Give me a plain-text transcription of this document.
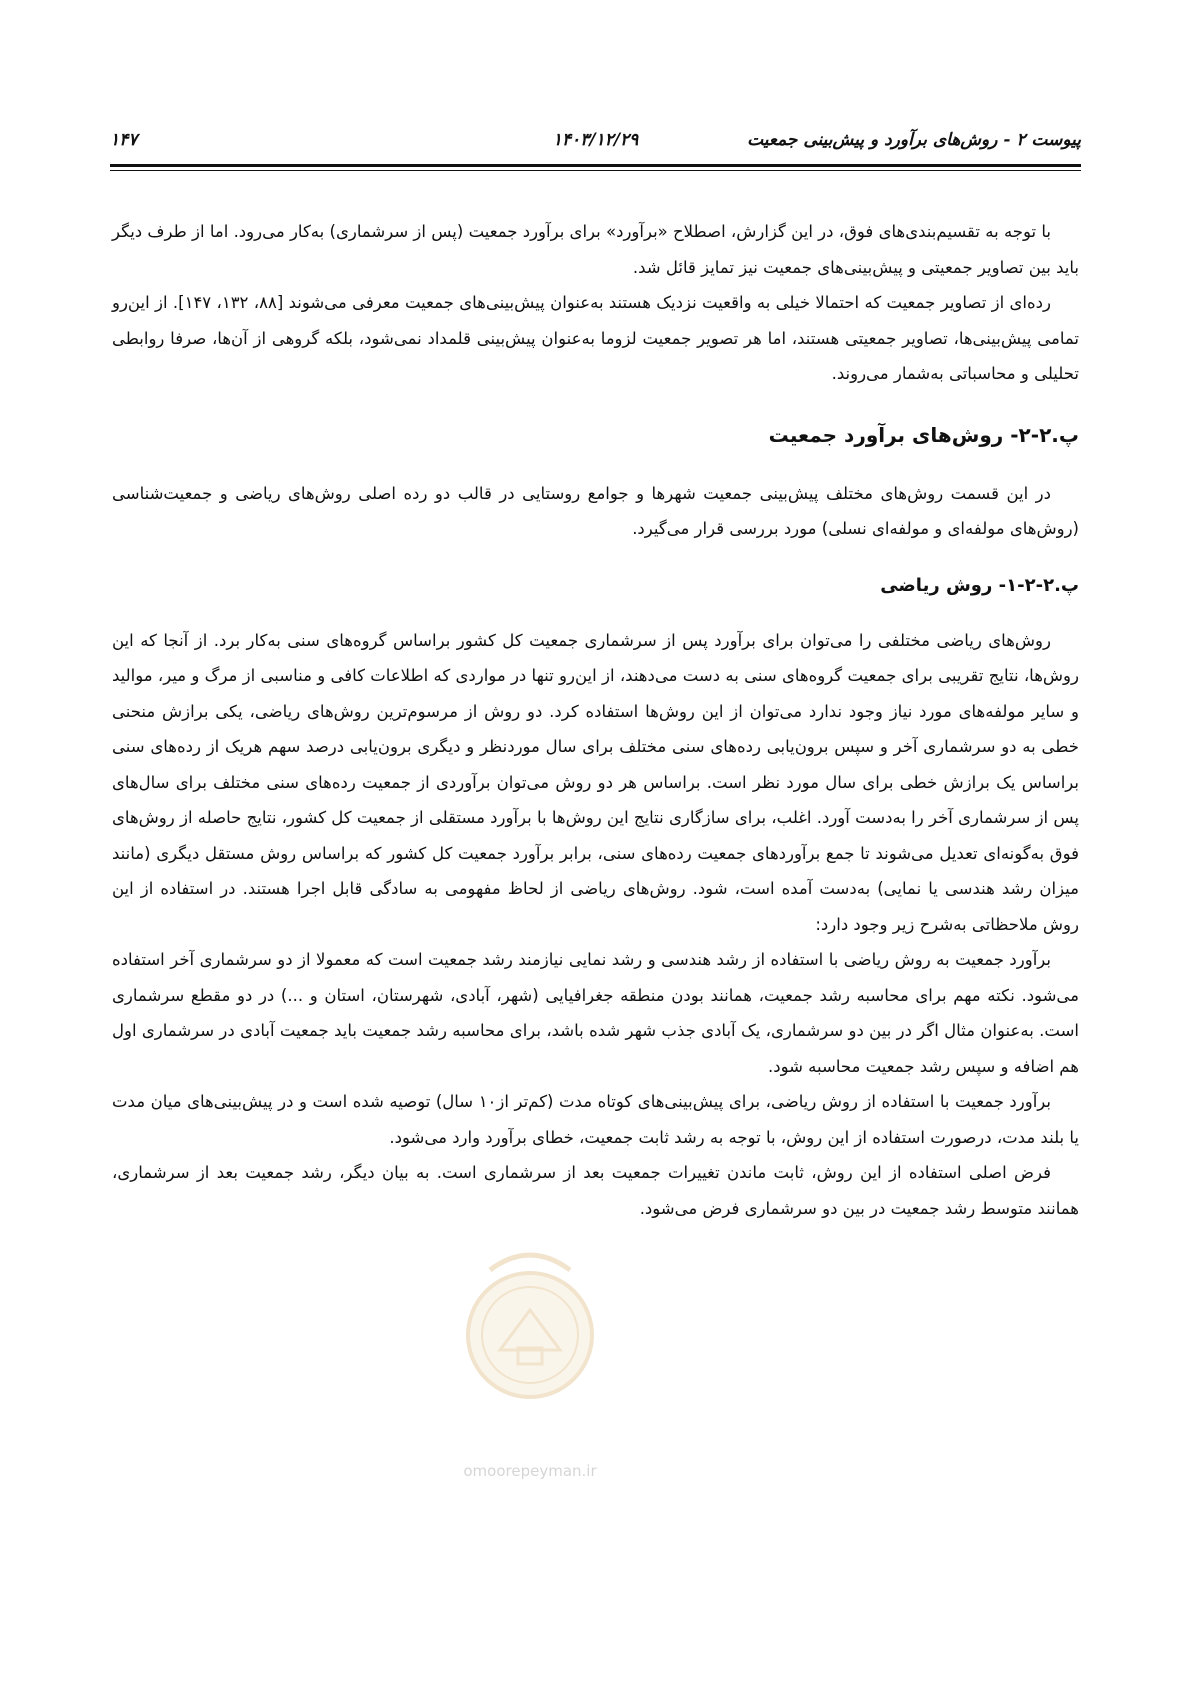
پیوست ۲ - روش‌های برآورد و پیش‌بینی جمعیت
۱۴۰۳/۱۲/۲۹
۱۴۷

با توجه به تقسیم‌بندی‌های فوق، در این گزارش، اصطلاح «برآورد» برای برآورد جمعیت (پس از سرشماری) به‌کار می‌رود. اما از طرف دیگر باید بین تصاویر جمعیتی و پیش‌بینی‌های جمعیت نیز تمایز قائل شد.

رده‌ای از تصاویر جمعیت که احتمالا خیلی به واقعیت نزدیک هستند به‌عنوان پیش‌بینی‌های جمعیت معرفی می‌شوند [۸۸، ۱۳۲، ۱۴۷]. از این‌رو تمامی پیش‌بینی‌ها، تصاویر جمعیتی هستند، اما هر تصویر جمعیت لزوما به‌عنوان پیش‌بینی قلمداد نمی‌شود، بلکه گروهی از آن‌ها، صرفا روابطی تحلیلی و محاسباتی به‌شمار می‌روند.

پ.۲-۲- روش‌های برآورد جمعیت

در این قسمت روش‌های مختلف پیش‌بینی جمعیت شهرها و جوامع روستایی در قالب دو رده اصلی روش‌های ریاضی و جمعیت‌شناسی (روش‌های مولفه‌ای و مولفه‌ای نسلی) مورد بررسی قرار می‌گیرد.

پ.۲-۲-۱- روش ریاضی

روش‌های ریاضی مختلفی را می‌توان برای برآورد پس از سرشماری جمعیت کل کشور براساس گروه‌های سنی به‌کار برد. از آنجا که این روش‌ها، نتایج تقریبی برای جمعیت گروه‌های سنی به دست می‌دهند، از این‌رو تنها در مواردی که اطلاعات کافی و مناسبی از مرگ و میر، موالید و سایر مولفه‌های مورد نیاز وجود ندارد می‌توان از این روش‌ها استفاده کرد. دو روش از مرسوم‌ترین روش‌های ریاضی، یکی برازش منحنی خطی به دو سرشماری آخر و سپس برون‌یابی رده‌های سنی مختلف برای سال موردنظر و دیگری برون‌یابی درصد سهم هریک از رده‌های سنی براساس یک برازش خطی برای سال مورد نظر است. براساس هر دو روش می‌توان برآوردی از جمعیت رده‌های سنی مختلف برای سال‌های پس از سرشماری آخر را به‌دست آورد. اغلب، برای سازگاری نتایج این روش‌ها با برآورد مستقلی از جمعیت کل کشور، نتایج حاصله از روش‌های فوق به‌گونه‌ای تعدیل می‌شوند تا جمع برآوردهای جمعیت رده‌های سنی، برابر برآورد جمعیت کل کشور که براساس روش مستقل دیگری (مانند میزان رشد هندسی یا نمایی) به‌دست آمده است، شود. روش‌های ریاضی از لحاظ مفهومی به سادگی قابل اجرا هستند. در استفاده از این روش ملاحظاتی به‌شرح زیر وجود دارد:

برآورد جمعیت به روش ریاضی با استفاده از رشد هندسی و رشد نمایی نیازمند رشد جمعیت است که معمولا از دو سرشماری آخر استفاده می‌شود. نکته مهم برای محاسبه رشد جمعیت، همانند بودن منطقه جغرافیایی (شهر، آبادی، شهرستان، استان و ...) در دو مقطع سرشماری است. به‌عنوان مثال اگر در بین دو سرشماری، یک آبادی جذب شهر شده باشد، برای محاسبه رشد جمعیت باید جمعیت آبادی در سرشماری اول هم اضافه و سپس رشد جمعیت محاسبه شود.

برآورد جمعیت با استفاده از روش ریاضی، برای پیش‌بینی‌های کوتاه مدت (کم‌تر از۱۰ سال) توصیه شده است و در پیش‌بینی‌های میان مدت یا بلند مدت، درصورت استفاده از این روش، با توجه به رشد ثابت جمعیت، خطای برآورد وارد می‌شود.

فرض اصلی استفاده از این روش، ثابت ماندن تغییرات جمعیت بعد از سرشماری است. به بیان دیگر، رشد جمعیت بعد از سرشماری، همانند متوسط رشد جمعیت در بین دو سرشماری فرض می‌شود.

omoorepeyman.ir
